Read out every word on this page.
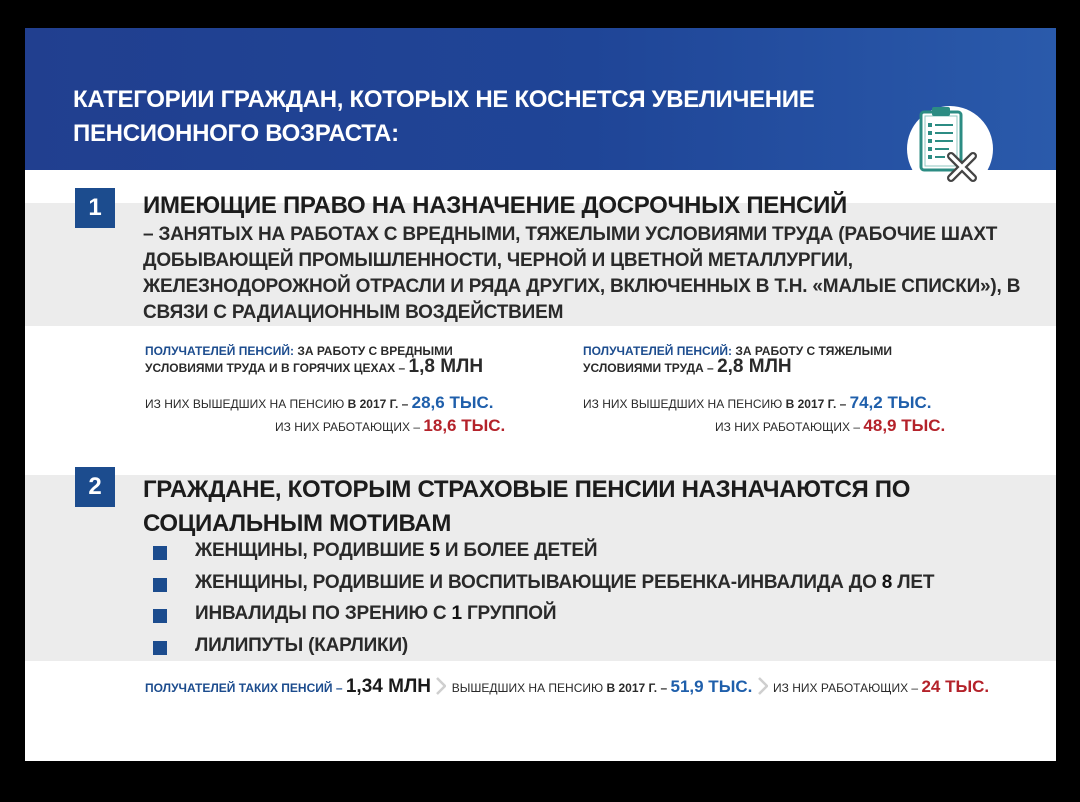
КАТЕГОРИИ ГРАЖДАН, КОТОРЫХ НЕ КОСНЕТСЯ УВЕЛИЧЕНИЕ ПЕНСИОННОГО ВОЗРАСТА:
1	ИМЕЮЩИЕ ПРАВО НА НАЗНАЧЕНИЕ ДОСРОЧНЫХ ПЕНСИЙ
– ЗАНЯТЫХ НА РАБОТАХ С ВРЕДНЫМИ, ТЯЖЕЛЫМИ УСЛОВИЯМИ ТРУДА (РАБОЧИЕ ШАХТ ДОБЫВАЮЩЕЙ ПРОМЫШЛЕННОСТИ, ЧЕРНОЙ И ЦВЕТНОЙ МЕТАЛЛУРГИИ, ЖЕЛЕЗНОДОРОЖНОЙ ОТРАСЛИ И РЯДА ДРУГИХ, ВКЛЮЧЕННЫХ В Т.Н. «МАЛЫЕ СПИСКИ»), В СВЯЗИ С РАДИАЦИОННЫМ ВОЗДЕЙСТВИЕМ
ПОЛУЧАТЕЛЕЙ ПЕНСИЙ: ЗА РАБОТУ С ВРЕДНЫМИ УСЛОВИЯМИ ТРУДА И В ГОРЯЧИХ ЦЕХАХ – 1,8 МЛН
ИЗ НИХ ВЫШЕДШИХ НА ПЕНСИЮ В 2017 Г. – 28,6 ТЫС.
ИЗ НИХ РАБОТАЮЩИХ – 18,6 ТЫС.
ПОЛУЧАТЕЛЕЙ ПЕНСИЙ: ЗА РАБОТУ С ТЯЖЕЛЫМИ УСЛОВИЯМИ ТРУДА – 2,8 МЛН
ИЗ НИХ ВЫШЕДШИХ НА ПЕНСИЮ В 2017 Г. – 74,2 ТЫС.
ИЗ НИХ РАБОТАЮЩИХ – 48,9 ТЫС.
2	ГРАЖДАНЕ, КОТОРЫМ СТРАХОВЫЕ ПЕНСИИ НАЗНАЧАЮТСЯ ПО СОЦИАЛЬНЫМ МОТИВАМ
ЖЕНЩИНЫ, РОДИВШИЕ 5 И БОЛЕЕ ДЕТЕЙ
ЖЕНЩИНЫ, РОДИВШИЕ И ВОСПИТЫВАЮЩИЕ РЕБЕНКА-ИНВАЛИДА ДО 8 ЛЕТ
ИНВАЛИДЫ ПО ЗРЕНИЮ С 1 ГРУППОЙ
ЛИЛИПУТЫ (КАРЛИКИ)
ПОЛУЧАТЕЛЕЙ ТАКИХ ПЕНСИЙ – 1,34 МЛН ВЫШЕДШИХ НА ПЕНСИЮ В 2017 Г. – 51,9 ТЫС. ИЗ НИХ РАБОТАЮЩИХ – 24 ТЫС.
